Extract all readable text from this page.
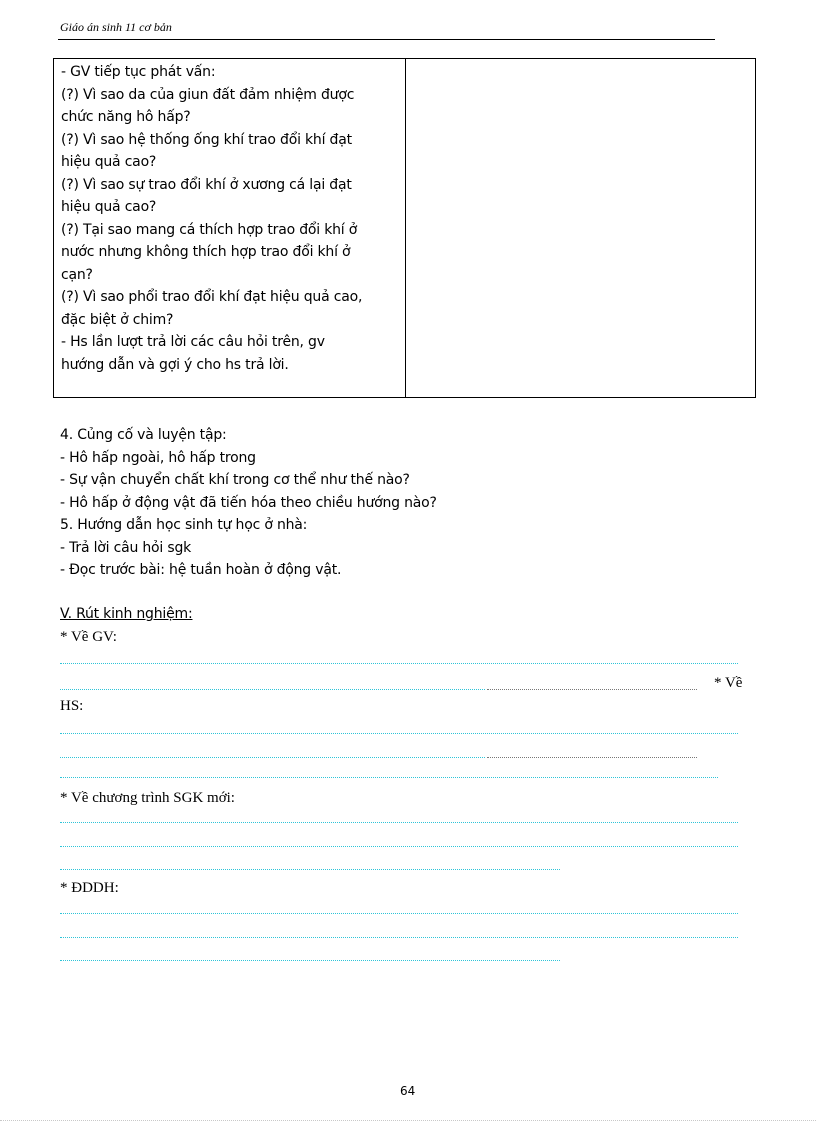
Giáo án sinh 11 cơ bản
- GV tiếp tục phát vấn:
(?) Vì sao da của giun đất đảm nhiệm được
chức năng hô hấp?
(?) Vì sao hệ thống ống khí trao đổi khí đạt
hiệu quả cao?
(?) Vì sao sự trao đổi khí ở xương cá lại đạt
hiệu quả cao?
(?) Tại sao mang cá thích hợp trao đổi khí ở
nước nhưng không thích hợp trao đổi khí ở
cạn?
(?) Vì sao phổi trao đổi khí đạt hiệu quả cao,
đặc biệt ở chim?
- Hs lần lượt trả lời các câu hỏi trên, gv
hướng dẫn và gợi ý cho hs trả lời.
4. Củng cố và luyện tập:
- Hô hấp ngoài, hô hấp trong
- Sự vận chuyển chất khí trong cơ thể như thế nào?
- Hô hấp ở động vật đã tiến hóa theo chiều hướng nào?
5. Hướng dẫn học sinh tự học ở nhà:
- Trả lời câu hỏi sgk
- Đọc trước bài: hệ tuần hoàn ở động vật.
V. Rút kinh nghiệm:
* Về GV:
* Về
HS:
* Về chương trình SGK mới:
* ĐDDH:
64
